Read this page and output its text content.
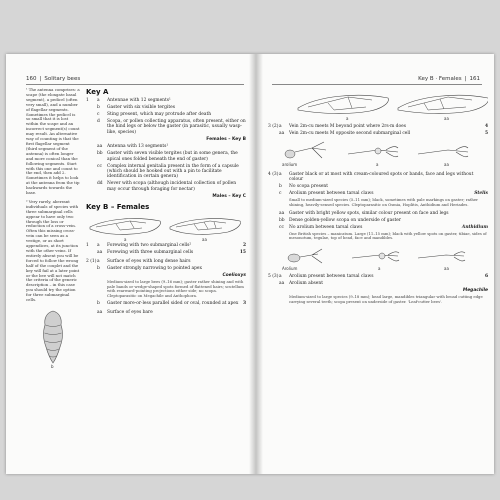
160 | Solitary bees

¹ The antenna comprises: a scape (the elongate basal segment), a pedicel (often very small), and a number of flagellar segments. Sometimes the pedicel is so small that it is lost within the scape and an incorrect segment(s) count may result. An alternative way of counting is that the first flagellar segment (third segment of the antenna) is often longer and more conical than the following segments. Start with this one and count to the end, then add 2. Sometimes it helps to look at the antenna from the tip backwards towards the base.

² Very rarely, aberrant individuals of species with three submarginal cells appear to have only two through the loss or reduction of a cross-vein. Often this missing cross-vein can be seen as a vestige, or as short appendices, at its junction with the other veins. If entirely absent you will be forced to follow the wrong half of the couplet and the key will fail at a later point or the bee will not match the criteria of the generic description – in this case you should try the option for three submarginal cells.

b
Key A
1	a	Antennae with 12 segments¹
b	Gaster with six visible tergites
c	Sting present, which may protrude after death
d	Scopa, or pollen collecting apparatus, often present, either on the hind legs or below the gaster (in parasitic, usually wasp-like, species)
Females – Key B
aa	Antenna with 13 segments¹
bb Gaster with seven visible tergites (but in some genera, the apical ones folded beneath the end of gaster)
cc	Complex internal genitalia present in the form of a capsule (which should be hooked out with a pin to facilitate identification in certain genera)
dd Never with scopa (although incidental collection of pollen may occur through foraging for nectar)
Males – Key C
Key B – Females
a	aa
1	a	Forewing with two submarginal cells²	2
aa	Forewing with three submarginal cells	15
2 (1) a	Surface of eyes with long dense hairs
b	Gaster strongly narrowing to pointed apex
Coelioxys
Medium-sized to large bees (9–16 mm); gaster rather shining and with pale bands or wedge-shaped spots formed of flattened hairs; scutellum with rearward-pointing projections either side; no scopa. Cleptoparasitic on Megachile and Anthophora.
b	Gaster more-or-less parallel sided or oval, rounded at apex	3
aa	Surface of eyes bare
Key B · Females | 161
a	aa
3 (2) a	Vein 2m-cu meets M beyond point where 2rs-m does	4
aa	Vein 2m-cu meets M opposite second submarginal cell	5
arolium	a	aa
4 (3) a	Gaster black or at most with cream-coloured spots or bands, face and legs without colour
b	No scopa present
c	Arolium present between tarsal claws	Stelis
Small to medium-sized species (5–11 mm); black, sometimes with pale markings on gaster; rather shining, heavily-sensed species. Cleptoparasitic on Osmia, Hoplitis, Anthidium and Heriades.
aa	Gaster with bright yellow spots, similar colour present on face and legs
bb Dense golden-yellow scopa on underside of gaster
cc	No arolium between tarsal claws	Anthidium
One British species – manicatum. Large (11–15 mm); black with yellow spots on gaster, tibiae, sides of mesonotum, tegulae, top of head, face and mandibles.
Arolium	a	aa
5 (3) a	Arolium present between tarsal claws	6
aa	Arolium absent
Megachile
Medium-sized to large species (9–18 mm); head large, mandibles triangular with broad cutting edge carrying several teeth; scopa present on underside of gaster. 'Leaf-cutter bees'.
